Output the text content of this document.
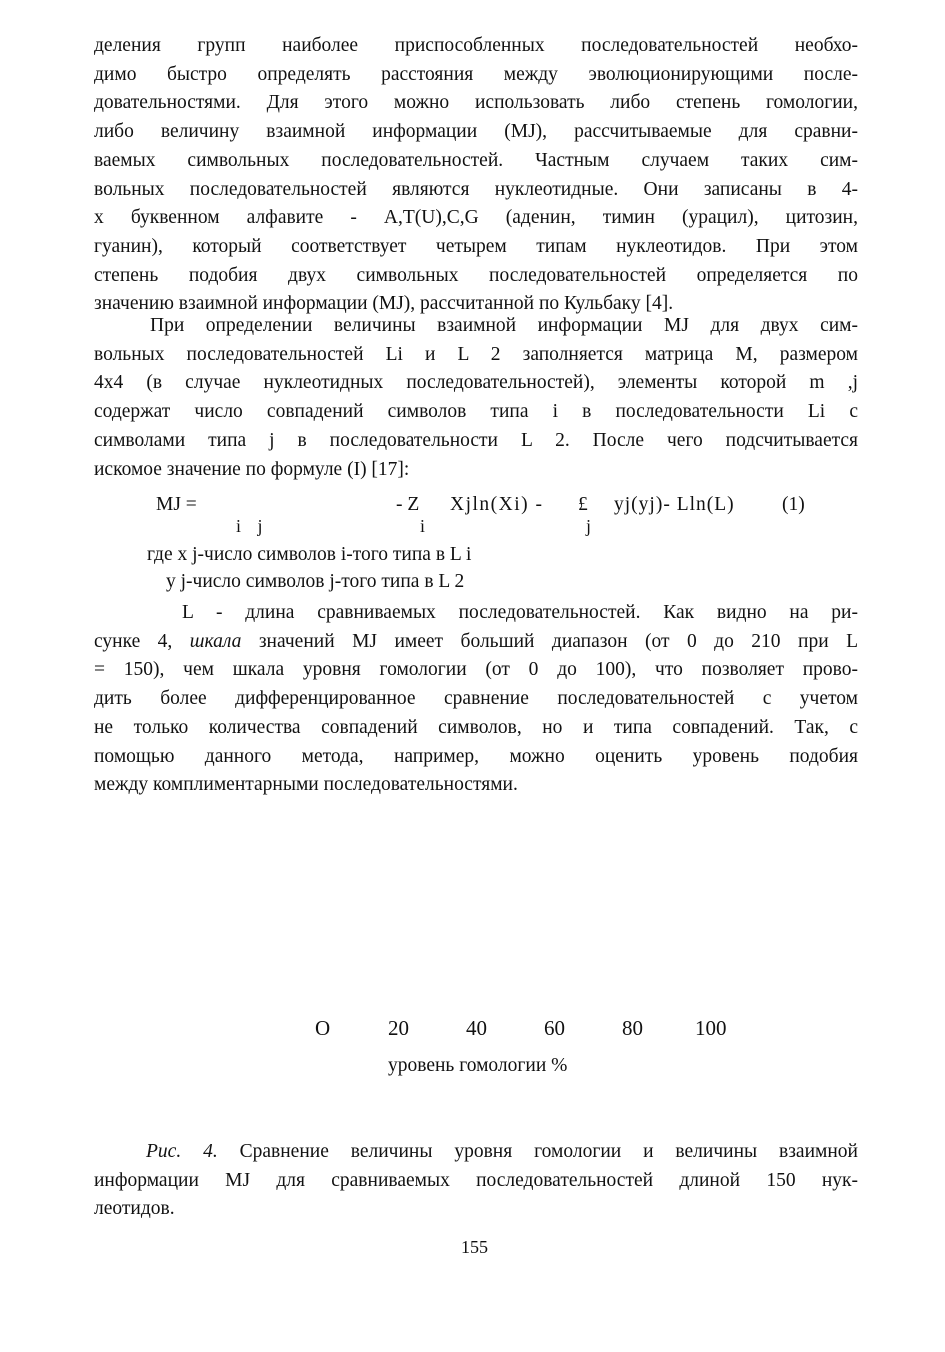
деления групп наиболее приспособленных последовательностей необхо-
димо быстро определять расстояния между эволюционирующими после-
довательностями. Для этого можно использовать либо степень гомологии,
либо величину взаимной информации (MJ), рассчитываемые для сравни-
ваемых символьных последовательностей. Частным случаем таких сим-
вольных последовательностей являются нуклеотидные. Они записаны в 4-
х буквенном алфавите - A,T(U),C,G (аденин, тимин (урацил), цитозин,
гуанин), который соответствует четырем типам нуклеотидов. При этом
степень подобия двух символьных последовательностей определяется по
значению взаимной информации (MJ), рассчитанной по Кульбаку [4].
При определении величины взаимной информации MJ для двух сим-
вольных последовательностей Li и L 2 заполняется матрица М, размером
4x4 (в случае нуклеотидных последовательностей), элементы которой m ,j
содержат число совпадений символов типа i в последовательности Li с
символами типа j в последовательности L 2. После чего подсчитывается
искомое значение по формуле (I) [17]:
MJ =
i j
- Z
i
Xjln(Xi) - £
j
yj(yj)- Lln(L) (1)
где x j-число символов i-того типа в L i
y j-число символов j-того типа в L 2
L - длина сравниваемых последовательностей. Как видно на ри-
сунке 4, шкала значений MJ имеет больший диапазон (от 0 до 210 при L
= 150), чем шкала уровня гомологии (от 0 до 100), что позволяет прово-
дить более дифференцированное сравнение последовательностей с учетом
не только количества совпадений символов, но и типа совпадений. Так, с
помощью данного метода, например, можно оценить уровень подобия
между комплиментарными последовательностями.
O	20	40	60	80 100
уровень гомологии %
Рис. 4. Сравнение величины уровня гомологии и величины взаимной
информации MJ для сравниваемых последовательностей длиной 150 нук-
леотидов.
155
